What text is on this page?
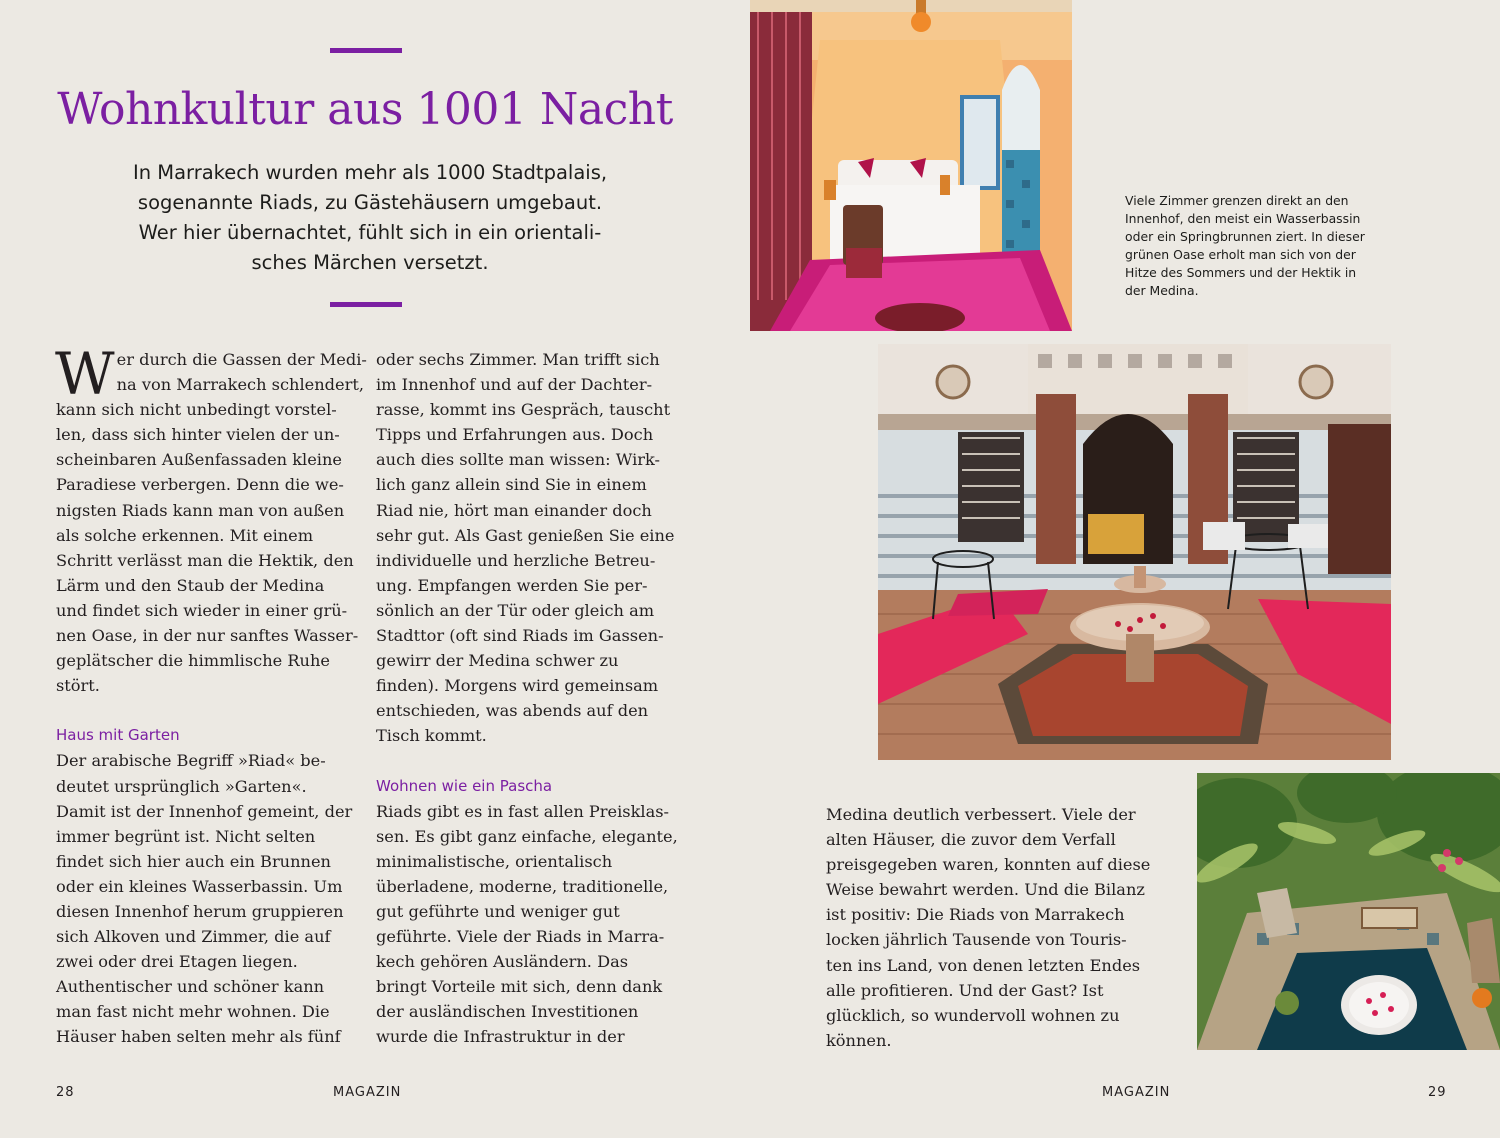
Wohnkultur aus 1001 Nacht
In Marrakech wurden mehr als 1000 Stadtpalais,
sogenannte Riads, zu Gästehäusern umgebaut.
Wer hier übernachtet, fühlt sich in ein orientali-
sches Märchen versetzt.
W er durch die Gassen der Medi-
na von Marrakech schlendert,
kann sich nicht unbedingt vorstel-
len, dass sich hinter vielen der un-
scheinbaren Außenfassaden kleine
Paradiese verbergen. Denn die we-
nigsten Riads kann man von außen
als solche erkennen. Mit einem
Schritt verlässt man die Hektik, den
Lärm und den Staub der Medina
und findet sich wieder in einer grü-
nen Oase, in der nur sanftes Wasser-
geplätscher die himmlische Ruhe
stört.
Haus mit Garten
Der arabische Begriff »Riad« be-
deutet ursprünglich »Garten«.
Damit ist der Innenhof gemeint, der
immer begrünt ist. Nicht selten
findet sich hier auch ein Brunnen
oder ein kleines Wasserbassin. Um
diesen Innenhof herum gruppieren
sich Alkoven und Zimmer, die auf
zwei oder drei Etagen liegen.
Authentischer und schöner kann
man fast nicht mehr wohnen. Die
Häuser haben selten mehr als fünf
oder sechs Zimmer. Man trifft sich
im Innenhof und auf der Dachter-
rasse, kommt ins Gespräch, tauscht
Tipps und Erfahrungen aus. Doch
auch dies sollte man wissen: Wirk-
lich ganz allein sind Sie in einem
Riad nie, hört man einander doch
sehr gut. Als Gast genießen Sie eine
individuelle und herzliche Betreu-
ung. Empfangen werden Sie per-
sönlich an der Tür oder gleich am
Stadttor (oft sind Riads im Gassen-
gewirr der Medina schwer zu
finden). Morgens wird gemeinsam
entschieden, was abends auf den
Tisch kommt.
Wohnen wie ein Pascha
Riads gibt es in fast allen Preisklas-
sen. Es gibt ganz einfache, elegante,
minimalistische, orientalisch
überladene, moderne, traditionelle,
gut geführte und weniger gut
geführte. Viele der Riads in Marra-
kech gehören Ausländern. Das
bringt Vorteile mit sich, denn dank
der ausländischen Investitionen
wurde die Infrastruktur in der
Medina deutlich verbessert. Viele der
alten Häuser, die zuvor dem Verfall
preisgegeben waren, konnten auf diese
Weise bewahrt werden. Und die Bilanz
ist positiv: Die Riads von Marrakech
locken jährlich Tausende von Touris-
ten ins Land, von denen letzten Endes
alle profitieren. Und der Gast? Ist
glücklich, so wundervoll wohnen zu
können.
Viele Zimmer grenzen direkt an den
Innenhof, den meist ein Wasserbassin
oder ein Springbrunnen ziert. In dieser
grünen Oase erholt man sich von der
Hitze des Sommers und der Hektik in
der Medina.
28	MAGAZIN	MAGAZIN	29
